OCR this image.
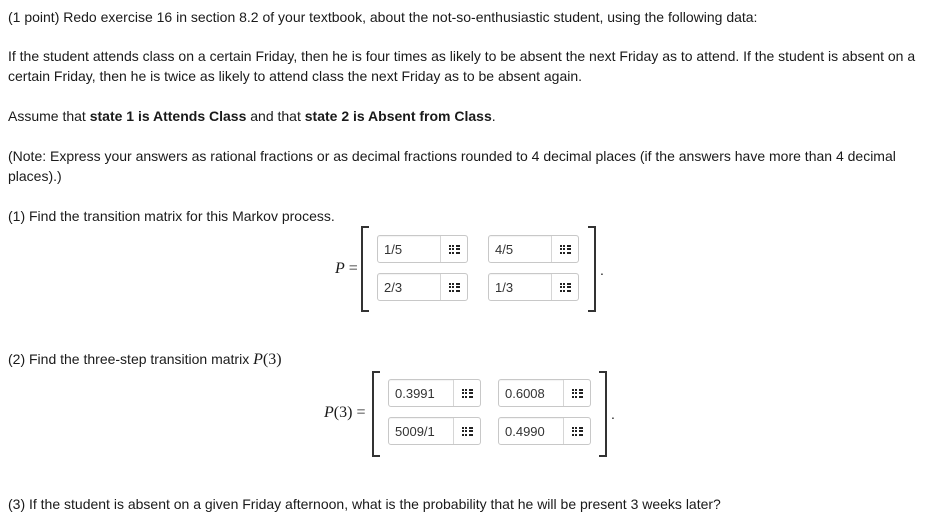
(1 point) Redo exercise 16 in section 8.2 of your textbook, about the not-so-enthusiastic student, using the following data:

If the student attends class on a certain Friday, then he is four times as likely to be absent the next Friday as to attend. If the student is absent on a certain Friday, then he is twice as likely to attend class the next Friday as to be absent again.

Assume that state 1 is Attends Class and that state 2 is Absent from Class.

(Note: Express your answers as rational fractions or as decimal fractions rounded to 4 decimal places (if the answers have more than 4 decimal places).)

(1) Find the transition matrix for this Markov process.

P =	.
1/5
4/5
2/3
1/3

(2) Find the three-step transition matrix P(3)

P(3) =	.
0.3991
0.6008
5009/1
0.4990

(3) If the student is absent on a given Friday afternoon, what is the probability that he will be present 3 weeks later?
